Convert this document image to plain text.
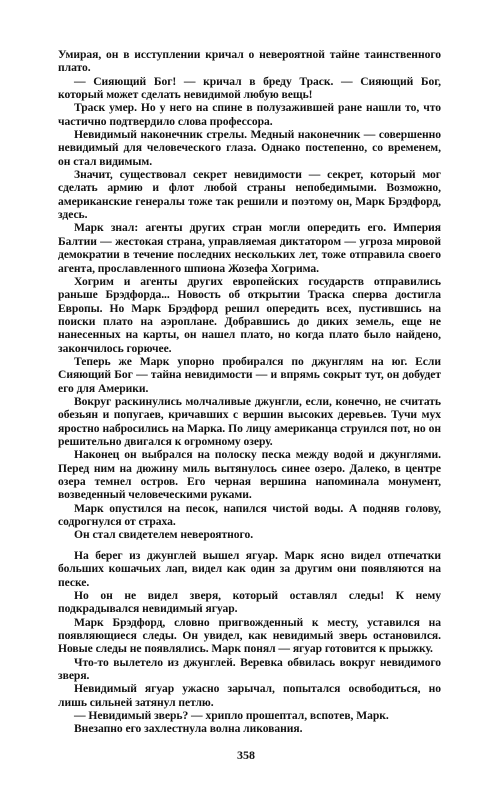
Умирая, он в исступлении кричал о невероятной тайне таинственного плато.

— Сияющий Бог! — кричал в бреду Траск. — Сияющий Бог, который может сделать невидимой любую вещь!

Траск умер. Но у него на спине в полузажившей ране нашли то, что частично подтвердило слова профессора.

Невидимый наконечник стрелы. Медный наконечник — совершенно невидимый для человеческого глаза. Однако постепенно, со временем, он стал видимым.

Значит, существовал секрет невидимости — секрет, который мог сделать армию и флот любой страны непобедимыми. Возможно, американские генералы тоже так решили и поэтому он, Марк Брэдфорд, здесь.

Марк знал: агенты других стран могли опередить его. Империя Балтии — жестокая страна, управляемая диктатором — угроза мировой демократии в течение последних нескольких лет, тоже отправила своего агента, прославленного шпиона Жозефа Хогрима.

Хогрим и агенты других европейских государств отправились раньше Брэдфорда... Новость об открытии Траска сперва достигла Европы. Но Марк Брэдфорд решил опередить всех, пустившись на поиски плато на аэроплане. Добравшись до диких земель, еще не нанесенных на карты, он нашел плато, но когда плато было найдено, закончилось горючее.

Теперь же Марк упорно пробирался по джунглям на юг. Если Сияющий Бог — тайна невидимости — и впрямь сокрыт тут, он добудет его для Америки.

Вокруг раскинулись молчаливые джунгли, если, конечно, не считать обезьян и попугаев, кричавших с вершин высоких деревьев. Тучи мух яростно набросились на Марка. По лицу американца струился пот, но он решительно двигался к огромному озеру.

Наконец он выбрался на полоску песка между водой и джунглями. Перед ним на дюжину миль вытянулось синее озеро. Далеко, в центре озера темнел остров. Его черная вершина напоминала монумент, возведенный человеческими руками.

Марк опустился на песок, напился чистой воды. А подняв голову, содрогнулся от страха.

Он стал свидетелем невероятного.

На берег из джунглей вышел ягуар. Марк ясно видел отпечатки больших кошачьих лап, видел как один за другим они появляются на песке.

Но он не видел зверя, который оставлял следы! К нему подкрадывался невидимый ягуар.

Марк Брэдфорд, словно пригвожденный к месту, уставился на появляющиеся следы. Он увидел, как невидимый зверь остановился. Новые следы не появлялись. Марк понял — ягуар готовится к прыжку.

Что-то вылетело из джунглей. Веревка обвилась вокруг невидимого зверя.

Невидимый ягуар ужасно зарычал, попытался освободиться, но лишь сильней затянул петлю.

— Невидимый зверь? — хрипло прошептал, вспотев, Марк.

Внезапно его захлестнула волна ликования.

358
